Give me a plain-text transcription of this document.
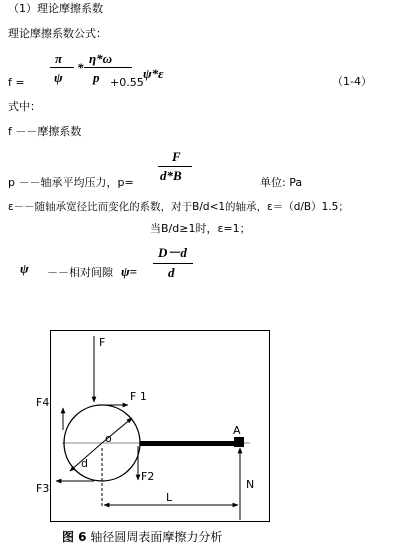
（1）理论摩擦系数
理论摩擦系数公式：
f =
π
ψ
*
η*ω
p +0.55
ψ*ε
（1-4）
式中：
f －－摩擦系数
p －－轴承平均压力，p=
F
d*B	单位: Pa
ε－－随轴承宽径比而变化的系数，对于B/d<1的轴承，ε＝（d/B）1.5；
当B/d≥1时，ε=1；
ψ －－相对间隙 ψ=
D－d
d
F
F 1
F4
o
d
F2
F3
A
N
L
图 6 轴径圆周表面摩擦力分析
